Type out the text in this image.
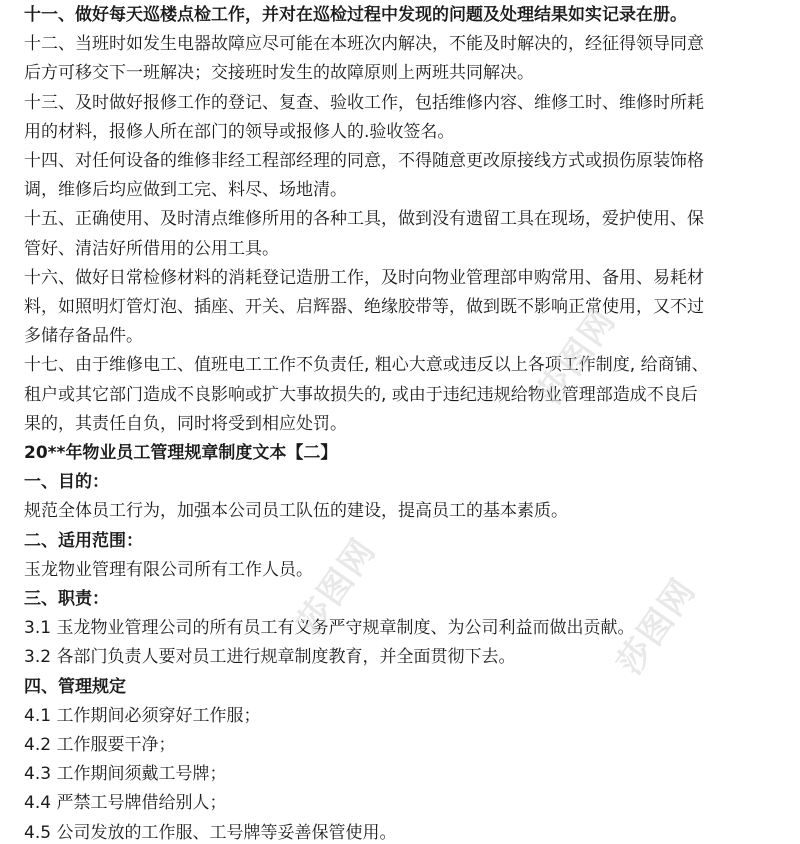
十一、做好每天巡楼点检工作，并对在巡检过程中发现的问题及处理结果如实记录在册。
十二、当班时如发生电器故障应尽可能在本班次内解决，不能及时解决的，经征得领导同意
后方可移交下一班解决；交接班时发生的故障原则上两班共同解决。
十三、及时做好报修工作的登记、复查、验收工作，包括维修内容、维修工时、维修时所耗
用的材料，报修人所在部门的领导或报修人的.验收签名。
十四、对任何设备的维修非经工程部经理的同意，不得随意更改原接线方式或损伤原装饰格
调，维修后均应做到工完、料尽、场地清。
十五、正确使用、及时清点维修所用的各种工具，做到没有遗留工具在现场，爱护使用、保
管好、清洁好所借用的公用工具。
十六、做好日常检修材料的消耗登记造册工作，及时向物业管理部申购常用、备用、易耗材
料，如照明灯管灯泡、插座、开关、启辉器、绝缘胶带等，做到既不影响正常使用，又不过
多储存备品件。
十七、由于维修电工、值班电工工作不负责任, 粗心大意或违反以上各项工作制度, 给商铺、
租户或其它部门造成不良影响或扩大事故损失的, 或由于违纪违规给物业管理部造成不良后
果的，其责任自负，同时将受到相应处罚。
20**年物业员工管理规章制度文本【二】
一、目的：
规范全体员工行为，加强本公司员工队伍的建设，提高员工的基本素质。
二、适用范围：
玉龙物业管理有限公司所有工作人员。
三、职责：
3.1 玉龙物业管理公司的所有员工有义务严守规章制度、为公司利益而做出贡献。
3.2 各部门负责人要对员工进行规章制度教育，并全面贯彻下去。
四、管理规定
4.1 工作期间必须穿好工作服；
4.2 工作服要干净；
4.3 工作期间须戴工号牌；
4.4 严禁工号牌借给别人；
4.5 公司发放的工作服、工号牌等妥善保管使用。
莎图网
莎图网	莎图网
